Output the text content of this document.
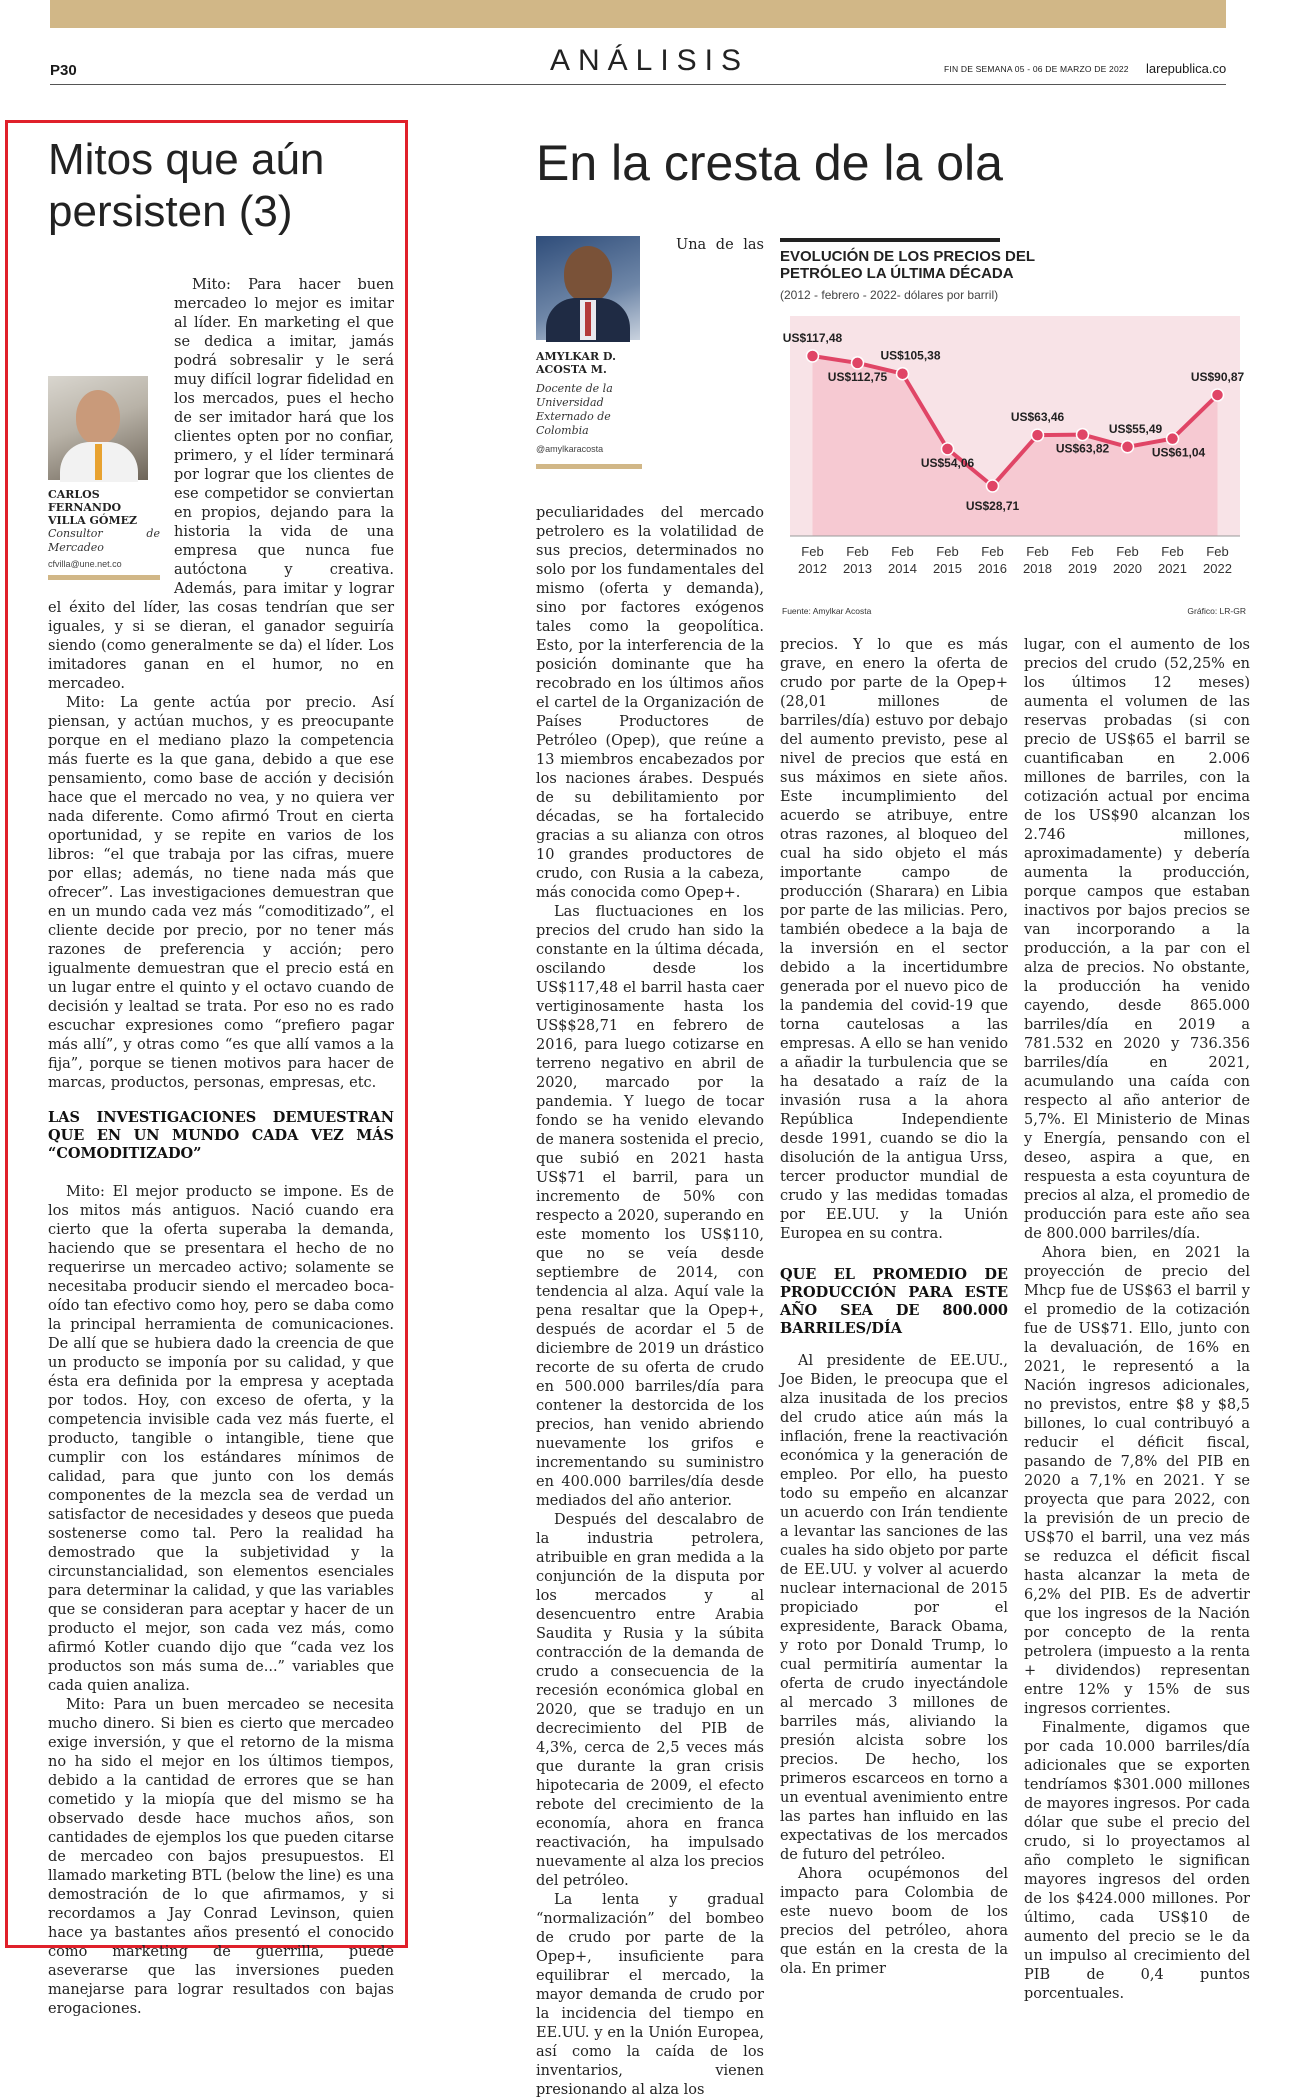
P30	ANÁLISIS	FIN DE SEMANA 05 - 06 DE MARZO DE 2022 larepublica.co
Mitos que aún persisten (3)
CARLOS FERNANDO VILLA GÓMEZ
Consultor de Mercadeo
cfvilla@une.net.co

Mito: Para hacer buen mercadeo lo mejor es imitar al líder. En marketing el que se dedica a imitar, jamás podrá sobresalir y le será muy difícil lograr fidelidad en los mercados, pues el hecho de ser imitador hará que los clientes opten por no confiar, primero, y el líder terminará por lograr que los clientes de ese competidor se conviertan en propios, dejando para la historia la vida de una empresa que nunca fue autóctona y creativa. Además, para imitar y lograr el éxito del líder, las cosas tendrían que ser iguales, y si se dieran, el ganador seguiría siendo (como generalmente se da) el líder. Los imitadores ganan en el humor, no en mercadeo.

Mito: La gente actúa por precio. Así piensan, y actúan muchos, y es preocupante porque en el mediano plazo la competencia más fuerte es la que gana, debido a que ese pensamiento, como base de acción y decisión hace que el mercado no vea, y no quiera ver nada diferente. Como afirmó Trout en cierta oportunidad, y se repite en varios de los libros: “el que trabaja por las cifras, muere por ellas; además, no tiene nada más que ofrecer”. Las investigaciones demuestran que en un mundo cada vez más “comoditizado”, el cliente decide por precio, por no tener más razones de preferencia y acción; pero igualmente demuestran que el precio está en un lugar entre el quinto y el octavo cuando de decisión y lealtad se trata. Por eso no es rado escuchar expresiones como “prefiero pagar más allí”, y otras como “es que allí vamos a la fija”, porque se tienen motivos para hacer de marcas, productos, personas, empresas, etc.

LAS INVESTIGACIONES DEMUESTRAN QUE EN UN MUNDO CADA VEZ MÁS “COMODITIZADO”

Mito: El mejor producto se impone. Es de los mitos más antiguos. Nació cuando era cierto que la oferta superaba la demanda, haciendo que se presentara el hecho de no requerirse un mercadeo activo; solamente se necesitaba producir siendo el mercadeo boca-oído tan efectivo como hoy, pero se daba como la principal herramienta de comunicaciones. De allí que se hubiera dado la creencia de que un producto se imponía por su calidad, y que ésta era definida por la empresa y aceptada por todos. Hoy, con exceso de oferta, y la competencia invisible cada vez más fuerte, el producto, tangible o intangible, tiene que cumplir con los estándares mínimos de calidad, para que junto con los demás componentes de la mezcla sea de verdad un satisfactor de necesidades y deseos que pueda sostenerse como tal. Pero la realidad ha demostrado que la subjetividad y la circunstancialidad, son elementos esenciales para determinar la calidad, y que las variables que se consideran para aceptar y hacer de un producto el mejor, son cada vez más, como afirmó Kotler cuando dijo que “cada vez los productos son más suma de...” variables que cada quien analiza.

Mito: Para un buen mercadeo se necesita mucho dinero. Si bien es cierto que mercadeo exige inversión, y que el retorno de la misma no ha sido el mejor en los últimos tiempos, debido a la cantidad de errores que se han cometido y la miopía que del mismo se ha observado desde hace muchos años, son cantidades de ejemplos los que pueden citarse de mercadeo con bajos presupuestos. El llamado marketing BTL (below the line) es una demostración de lo que afirmamos, y si recordamos a Jay Conrad Levinson, quien hace ya bastantes años presentó el conocido como marketing de guerrilla, puede aseverarse que las inversiones pueden manejarse para lograr resultados con bajas erogaciones.

En la cresta de la ola
AMYLKAR D. ACOSTA M.
Docente de la Universidad Externado de Colombia
@amylkaracosta

Una de las peculiaridades del mercado petrolero es la volatilidad de sus precios, determinados no solo por los fundamentales del mismo (oferta y demanda), sino por factores exógenos tales como la geopolítica. Esto, por la interferencia de la posición dominante que ha recobrado en los últimos años el cartel de la Organización de Países Productores de Petróleo (Opep), que reúne a 13 miembros encabezados por los naciones árabes. Después de su debilitamiento por décadas, se ha fortalecido gracias a su alianza con otros 10 grandes productores de crudo, con Rusia a la cabeza, más conocida como Opep+.

Las fluctuaciones en los precios del crudo han sido la constante en la última década, oscilando desde los US$117,48 el barril hasta caer vertiginosamente hasta los US$$28,71 en febrero de 2016, para luego cotizarse en terreno negativo en abril de 2020, marcado por la pandemia. Y luego de tocar fondo se ha venido elevando de manera sostenida el precio, que subió en 2021 hasta US$71 el barril, para un incremento de 50% con respecto a 2020, superando en este momento los US$110, que no se veía desde septiembre de 2014, con tendencia al alza. Aquí vale la pena resaltar que la Opep+, después de acordar el 5 de diciembre de 2019 un drástico recorte de su oferta de crudo en 500.000 barriles/día para contener la destorcida de los precios, han venido abriendo nuevamente los grifos e incrementando su suministro en 400.000 barriles/día desde mediados del año anterior.

Después del descalabro de la industria petrolera, atribuible en gran medida a la conjunción de la disputa por los mercados y al desencuentro entre Arabia Saudita y Rusia y la súbita contracción de la demanda de crudo a consecuencia de la recesión económica global en 2020, que se tradujo en un decrecimiento del PIB de 4,3%, cerca de 2,5 veces más que durante la gran crisis hipotecaria de 2009, el efecto rebote del crecimiento de la economía, ahora en franca reactivación, ha impulsado nuevamente al alza los precios del petróleo.

La lenta y gradual “normalización” del bombeo de crudo por parte de la Opep+, insuficiente para equilibrar el mercado, la mayor demanda de crudo por la incidencia del tiempo en EE.UU. y en la Unión Europea, así como la caída de los inventarios, vienen presionando al alza los

EVOLUCIÓN DE LOS PRECIOS DEL PETRÓLEO LA ÚLTIMA DÉCADA
(2012 - febrero - 2022- dólares por barril)
US$117,48
Feb
2012
US$112,75
Feb
2013
US$105,38
Feb
2014
US$54,06
Feb
2015
US$28,71
Feb
2016
US$63,46
Feb
2018
US$63,82
Feb
2019
US$55,49
Feb
2020
US$61,04
Feb
2021
US$90,87
Feb
2022
Fuente: Amylkar Acosta	Gráfico: LR-GR

precios. Y lo que es más grave, en enero la oferta de crudo por parte de la Opep+ (28,01 millones de barriles/día) estuvo por debajo del aumento previsto, pese al nivel de precios que está en sus máximos en siete años. Este incumplimiento del acuerdo se atribuye, entre otras razones, al bloqueo del cual ha sido objeto el más importante campo de producción (Sharara) en Libia por parte de las milicias. Pero, también obedece a la baja de la inversión en el sector debido a la incertidumbre generada por el nuevo pico de la pandemia del covid-19 que torna cautelosas a las empresas. A ello se han venido a añadir la turbulencia que se ha desatado a raíz de la invasión rusa a la ahora República Independiente desde 1991, cuando se dio la disolución de la antigua Urss, tercer productor mundial de crudo y las medidas tomadas por EE.UU. y la Unión Europea en su contra.

QUE EL PROMEDIO DE PRODUCCIÓN PARA ESTE AÑO SEA DE 800.000 BARRILES/DÍA

Al presidente de EE.UU., Joe Biden, le preocupa que el alza inusitada de los precios del crudo atice aún más la inflación, frene la reactivación económica y la generación de empleo. Por ello, ha puesto todo su empeño en alcanzar un acuerdo con Irán tendiente a levantar las sanciones de las cuales ha sido objeto por parte de EE.UU. y volver al acuerdo nuclear internacional de 2015 propiciado por el expresidente, Barack Obama, y roto por Donald Trump, lo cual permitiría aumentar la oferta de crudo inyectándole al mercado 3 millones de barriles más, aliviando la presión alcista sobre los precios. De hecho, los primeros escarceos en torno a un eventual avenimiento entre las partes han influido en las expectativas de los mercados de futuro del petróleo.

Ahora ocupémonos del impacto para Colombia de este nuevo boom de los precios del petróleo, ahora que están en la cresta de la ola. En primer

lugar, con el aumento de los precios del crudo (52,25% en los últimos 12 meses) aumenta el volumen de las reservas probadas (si con precio de US$65 el barril se cuantificaban en 2.006 millones de barriles, con la cotización actual por encima de los US$90 alcanzan los 2.746 millones, aproximadamente) y debería aumenta la producción, porque campos que estaban inactivos por bajos precios se van incorporando a la producción, a la par con el alza de precios. No obstante, la producción ha venido cayendo, desde 865.000 barriles/día en 2019 a 781.532 en 2020 y 736.356 barriles/día en 2021, acumulando una caída con respecto al año anterior de 5,7%. El Ministerio de Minas y Energía, pensando con el deseo, aspira a que, en respuesta a esta coyuntura de precios al alza, el promedio de producción para este año sea de 800.000 barriles/día.

Ahora bien, en 2021 la proyección de precio del Mhcp fue de US$63 el barril y el promedio de la cotización fue de US$71. Ello, junto con la devaluación, de 16% en 2021, le representó a la Nación ingresos adicionales, no previstos, entre $8 y $8,5 billones, lo cual contribuyó a reducir el déficit fiscal, pasando de 7,8% del PIB en 2020 a 7,1% en 2021. Y se proyecta que para 2022, con la previsión de un precio de US$70 el barril, una vez más se reduzca el déficit fiscal hasta alcanzar la meta de 6,2% del PIB. Es de advertir que los ingresos de la Nación por concepto de la renta petrolera (impuesto a la renta + dividendos) representan entre 12% y 15% de sus ingresos corrientes.

Finalmente, digamos que por cada 10.000 barriles/día adicionales que se exporten tendríamos $301.000 millones de mayores ingresos. Por cada dólar que sube el precio del crudo, si lo proyectamos al año completo le significan mayores ingresos del orden de los $424.000 millones. Por último, cada US$10 de aumento del precio se le da un impulso al crecimiento del PIB de 0,4 puntos porcentuales.
